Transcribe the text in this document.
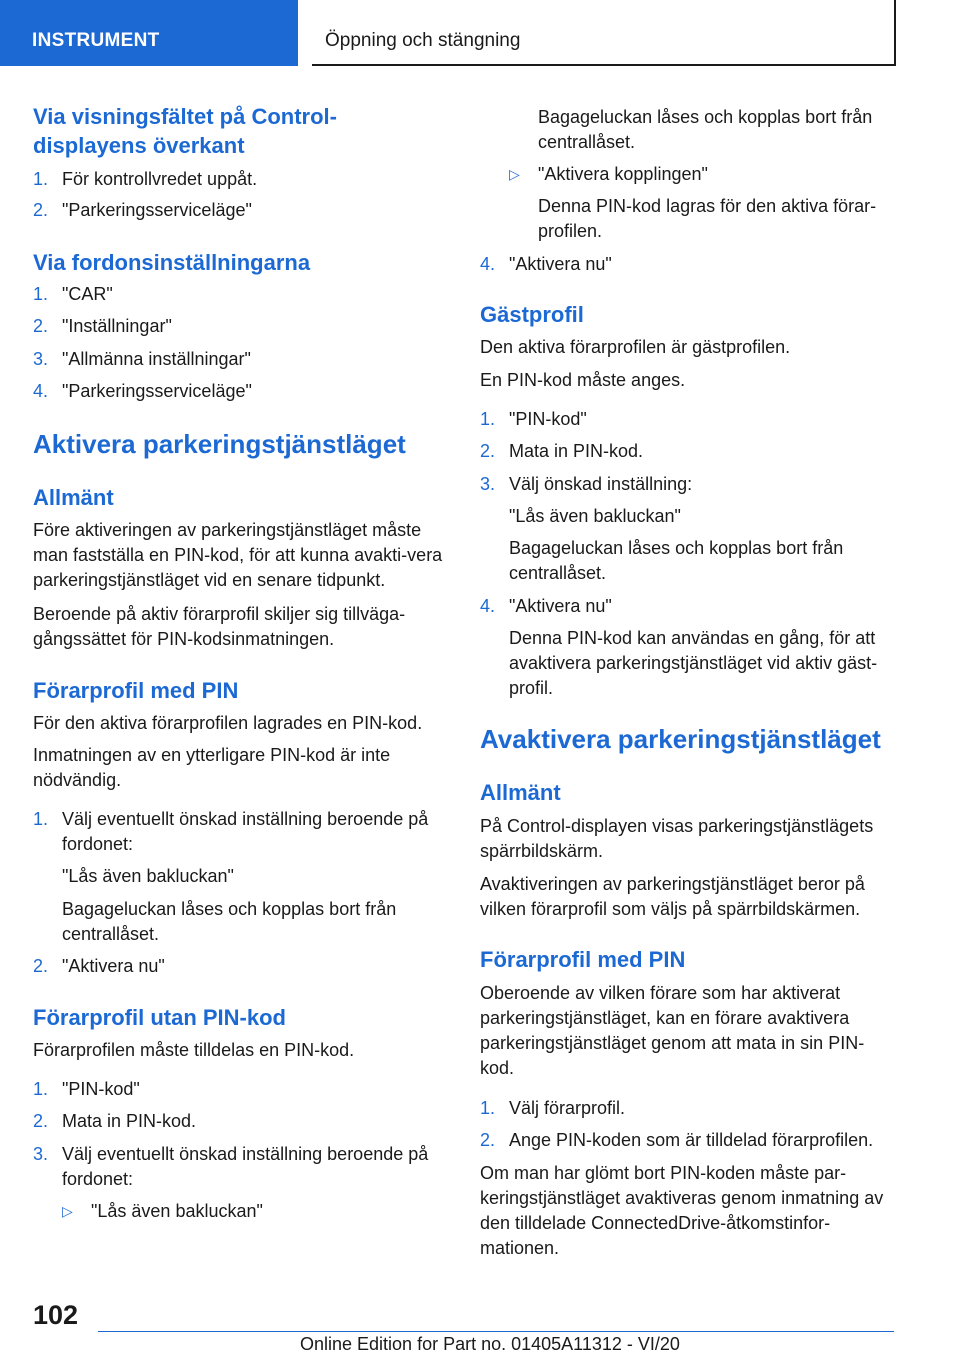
INSTRUMENT	Öppning och stängning

Via visningsfältet på Control-
displayens överkant

1. För kontrollvredet uppåt.
2. "Parkeringsserviceläge"

Via fordonsinställningarna

1. "CAR"
2. "Inställningar"
3. "Allmänna inställningar"
4. "Parkeringsserviceläge"

Aktivera parkeringstjänstläget

Allmänt

Före aktiveringen av parkeringstjänstläget måste man fastställa en PIN-kod, för att kunna avakti-vera parkeringstjänstläget vid en senare tidpunkt.

Beroende på aktiv förarprofil skiljer sig tillväga-gångssättet för PIN-kodsinmatningen.

Förarprofil med PIN

För den aktiva förarprofilen lagrades en PIN-kod.

Inmatningen av en ytterligare PIN-kod är inte nödvändig.

1. Välj eventuellt önskad inställning beroende på fordonet:
"Lås även bakluckan"
Bagageluckan låses och kopplas bort från centrallåset.
2. "Aktivera nu"

Förarprofil utan PIN-kod

Förarprofilen måste tilldelas en PIN-kod.

1. "PIN-kod"
2. Mata in PIN-kod.
3. Välj eventuellt önskad inställning beroende på fordonet:
▷ "Lås även bakluckan"
Bagageluckan låses och kopplas bort från centrallåset.
▷ "Aktivera kopplingen"
Denna PIN-kod lagras för den aktiva förar-profilen.
4. "Aktivera nu"

Gästprofil

Den aktiva förarprofilen är gästprofilen.

En PIN-kod måste anges.

1. "PIN-kod"
2. Mata in PIN-kod.
3. Välj önskad inställning:
"Lås även bakluckan"
Bagageluckan låses och kopplas bort från centrallåset.
4. "Aktivera nu"
Denna PIN-kod kan användas en gång, för att avaktivera parkeringstjänstläget vid aktiv gäst-profil.

Avaktivera parkeringstjänstläget

Allmänt

På Control-displayen visas parkeringstjänstlägets spärrbildskärm.

Avaktiveringen av parkeringstjänstläget beror på vilken förarprofil som väljs på spärrbildskärmen.

Förarprofil med PIN

Oberoende av vilken förare som har aktiverat parkeringstjänstläget, kan en förare avaktivera parkeringstjänstläget genom att mata in sin PIN-kod.

1. Välj förarprofil.
2. Ange PIN-koden som är tilldelad förarprofilen.

Om man har glömt bort PIN-koden måste par-keringstjänstläget avaktiveras genom inmatning av den tilldelade ConnectedDrive-åtkomstinfor-mationen.

102
Online Edition for Part no. 01405A11312 - VI/20
